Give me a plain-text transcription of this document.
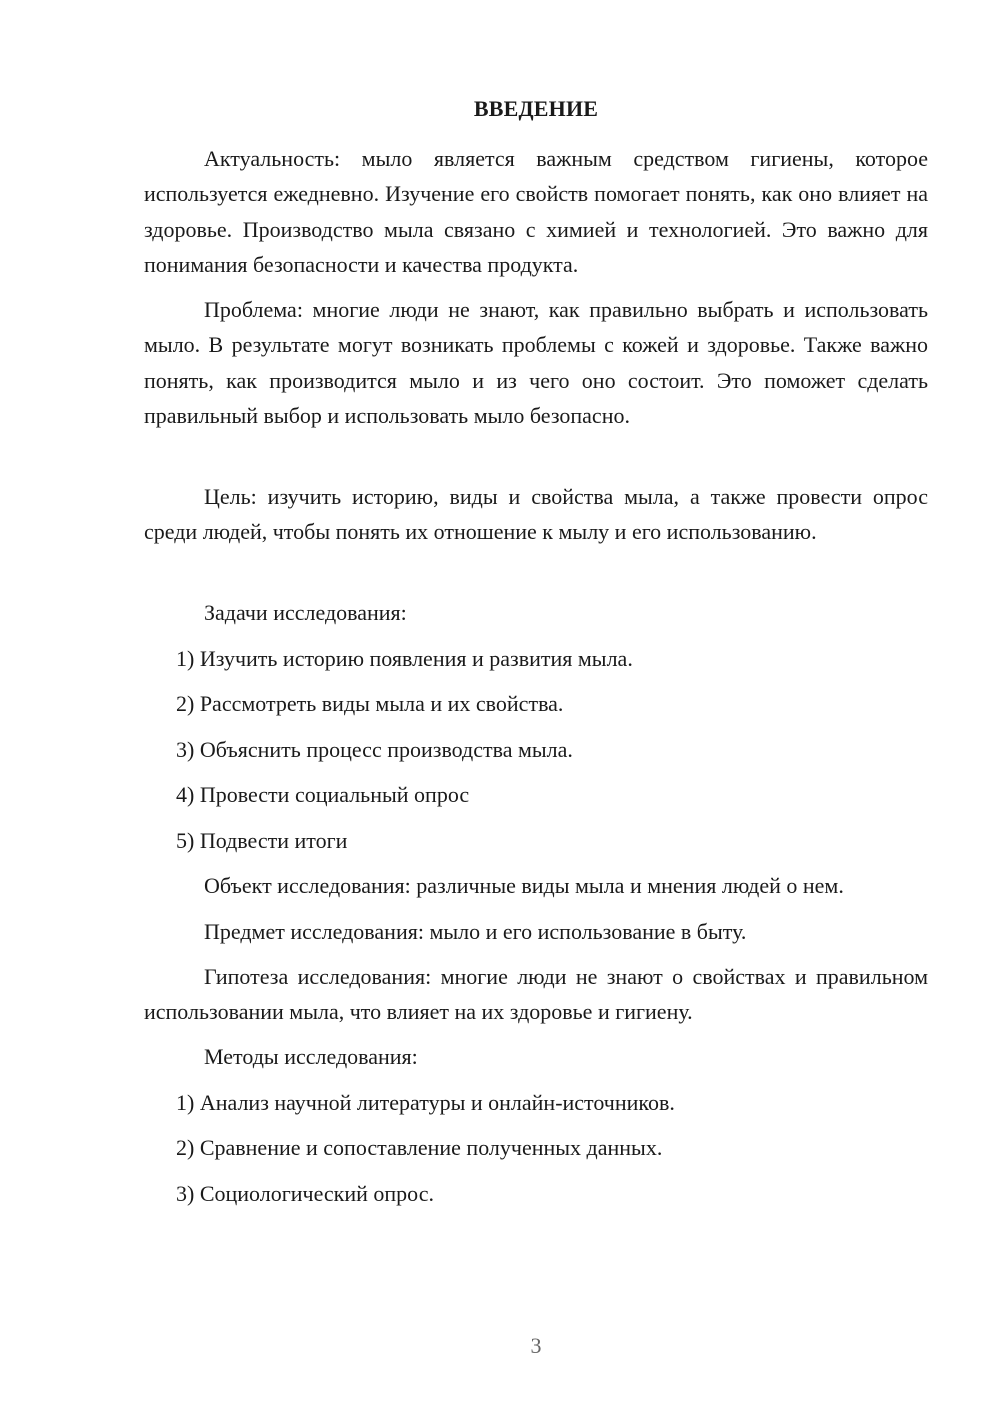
ВВЕДЕНИЕ

Актуальность: мыло является важным средством гигиены, которое используется ежедневно. Изучение его свойств помогает понять, как оно влияет на здоровье. Производство мыла связано с химией и технологией. Это важно для понимания безопасности и качества продукта.

Проблема: многие люди не знают, как правильно выбрать и использовать мыло. В результате могут возникать проблемы с кожей и здоровье. Также важно понять, как производится мыло и из чего оно состоит. Это поможет сделать правильный выбор и использовать мыло безопасно.

Цель: изучить историю, виды и свойства мыла, а также провести опрос среди людей, чтобы понять их отношение к мылу и его использованию.

Задачи исследования:
1) Изучить историю появления и развития мыла.
2) Рассмотреть виды мыла и их свойства.
3) Объяснить процесс производства мыла.
4) Провести социальный опрос
5) Подвести итоги
Объект исследования: различные виды мыла и мнения людей о нем.
Предмет исследования: мыло и его использование в быту.

Гипотеза исследования: многие люди не знают о свойствах и правильном использовании мыла, что влияет на их здоровье и гигиену.

Методы исследования:
1) Анализ научной литературы и онлайн-источников.
2) Сравнение и сопоставление полученных данных.
3) Социологический опрос.
3
